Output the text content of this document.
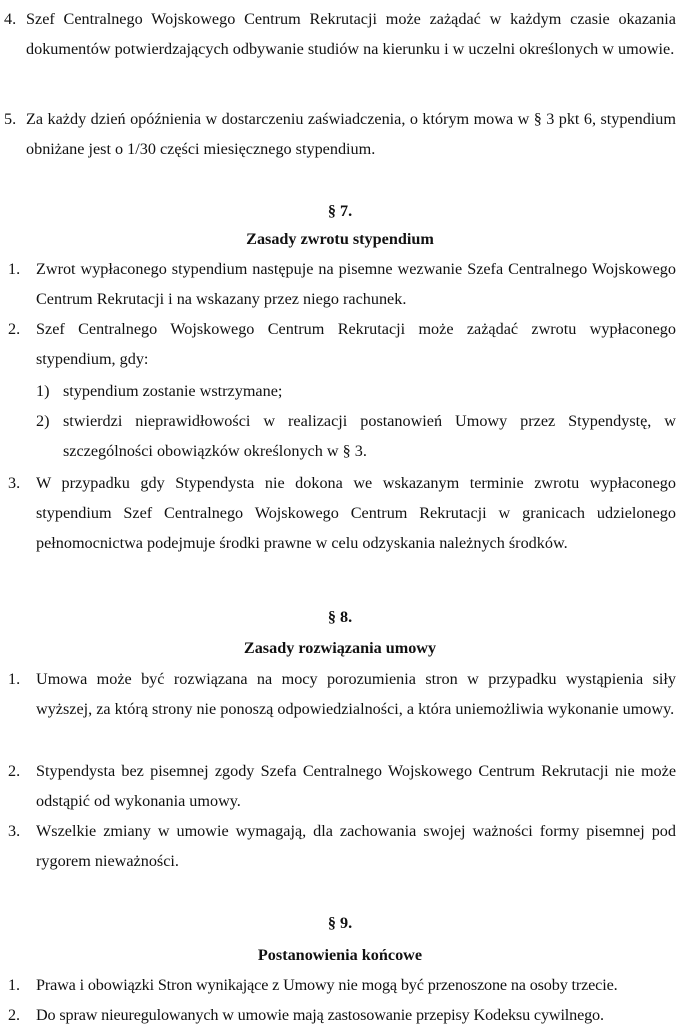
4. Szef Centralnego Wojskowego Centrum Rekrutacji może zażądać w każdym czasie okazania dokumentów potwierdzających odbywanie studiów na kierunku i w uczelni określonych w umowie.
5. Za każdy dzień opóźnienia w dostarczeniu zaświadczenia, o którym mowa w § 3 pkt 6, stypendium obniżane jest o 1/30 części miesięcznego stypendium.
§ 7.
Zasady zwrotu stypendium
1. Zwrot wypłaconego stypendium następuje na pisemne wezwanie Szefa Centralnego Wojskowego Centrum Rekrutacji i na wskazany przez niego rachunek.
2. Szef Centralnego Wojskowego Centrum Rekrutacji może zażądać zwrotu wypłaconego stypendium, gdy:
1) stypendium zostanie wstrzymane;
2) stwierdzi nieprawidłowości w realizacji postanowień Umowy przez Stypendystę, w szczególności obowiązków określonych w § 3.
3. W przypadku gdy Stypendysta nie dokona we wskazanym terminie zwrotu wypłaconego stypendium Szef Centralnego Wojskowego Centrum Rekrutacji w granicach udzielonego pełnomocnictwa podejmuje środki prawne w celu odzyskania należnych środków.
§ 8.
Zasady rozwiązania umowy
1. Umowa może być rozwiązana na mocy porozumienia stron w przypadku wystąpienia siły wyższej, za którą strony nie ponoszą odpowiedzialności, a która uniemożliwia wykonanie umowy.
2. Stypendysta bez pisemnej zgody Szefa Centralnego Wojskowego Centrum Rekrutacji nie może odstąpić od wykonania umowy.
3. Wszelkie zmiany w umowie wymagają, dla zachowania swojej ważności formy pisemnej pod rygorem nieważności.
§ 9.
Postanowienia końcowe
1. Prawa i obowiązki Stron wynikające z Umowy nie mogą być przenoszone na osoby trzecie.
2. Do spraw nieuregulowanych w umowie mają zastosowanie przepisy Kodeksu cywilnego.
